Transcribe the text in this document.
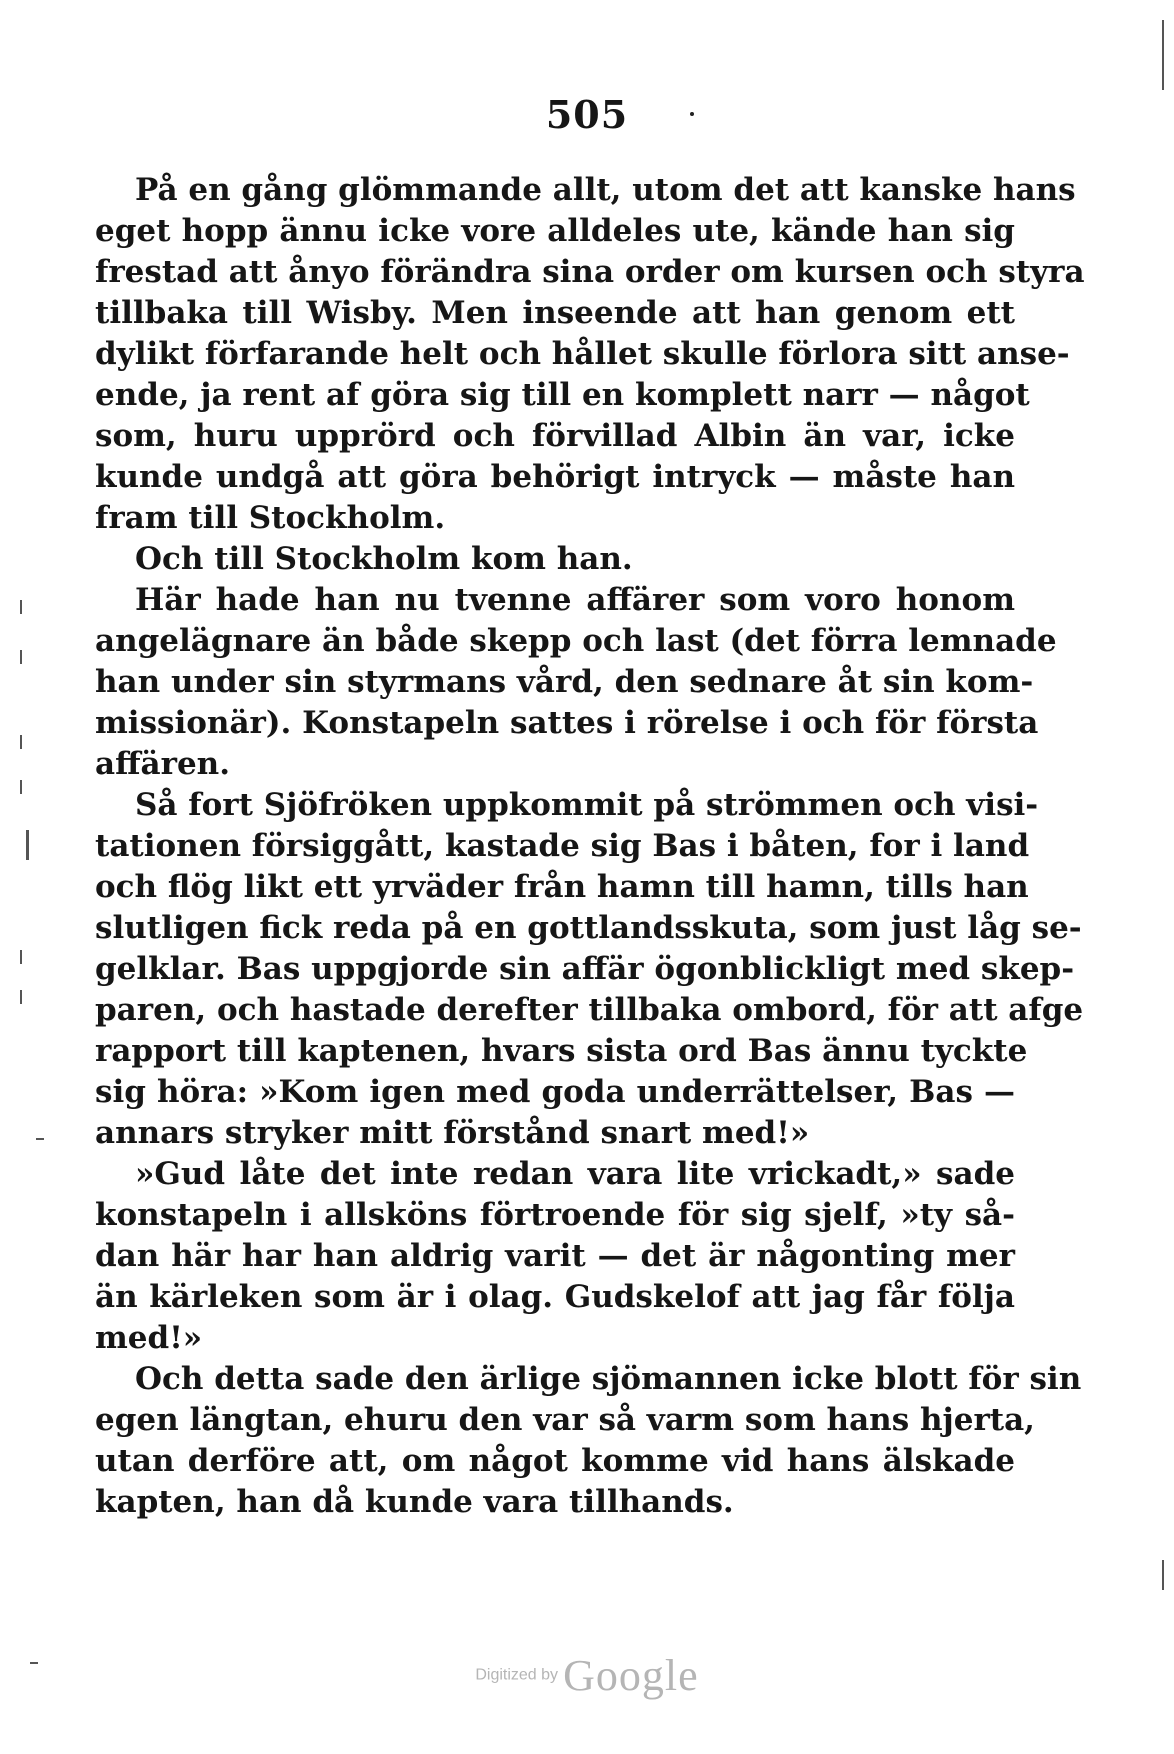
505
På en gång glömmande allt, utom det att kanske hans
eget hopp ännu icke vore alldeles ute, kände han sig
frestad att ånyo förändra sina order om kursen och styra
tillbaka till Wisby. Men inseende att han genom ett
dylikt förfarande helt och hållet skulle förlora sitt anse-
ende, ja rent af göra sig till en komplett narr — något
som, huru upprörd och förvillad Albin än var, icke
kunde undgå att göra behörigt intryck — måste han
fram till Stockholm.
Och till Stockholm kom han.
Här hade han nu tvenne affärer som voro honom
angelägnare än både skepp och last (det förra lemnade
han under sin styrmans vård, den sednare åt sin kom-
missionär). Konstapeln sattes i rörelse i och för första
affären.
Så fort Sjöfröken uppkommit på strömmen och visi-
tationen försiggått, kastade sig Bas i båten, for i land
och flög likt ett yrväder från hamn till hamn, tills han
slutligen fick reda på en gottlandsskuta, som just låg se-
gelklar. Bas uppgjorde sin affär ögonblickligt med skep-
paren, och hastade derefter tillbaka ombord, för att afge
rapport till kaptenen, hvars sista ord Bas ännu tyckte
sig höra: »Kom igen med goda underrättelser, Bas —
annars stryker mitt förstånd snart med!»
»Gud låte det inte redan vara lite vrickadt,» sade
konstapeln i allsköns förtroende för sig sjelf, »ty så-
dan här har han aldrig varit — det är någonting mer
än kärleken som är i olag. Gudskelof att jag får följa
med!»
Och detta sade den ärlige sjömannen icke blott för sin
egen längtan, ehuru den var så varm som hans hjerta,
utan derföre att, om något komme vid hans älskade
kapten, han då kunde vara tillhands.
Digitized by Google
